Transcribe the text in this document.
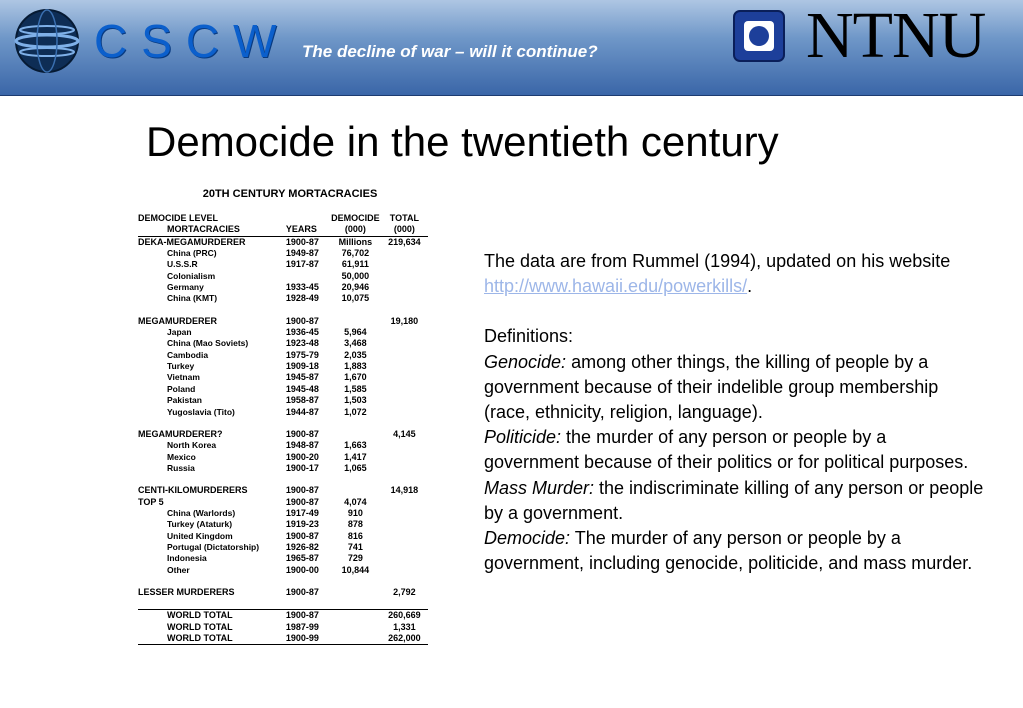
CSCW The decline of war – will it continue?	NTNU
Democide in the twentieth century
20TH CENTURY MORTACRACIES
DEMOCIDE LEVEL		DEMOCIDE	TOTAL
MORTACRACIES	YEARS	(000)	(000)
DEKA-MEGAMURDERER	1900-87	Millions	219,634
China (PRC)	1949-87	76,702	
U.S.S.R	1917-87	61,911	
Colonialism		50,000	
Germany	1933-45	20,946	
China (KMT)	1928-49	10,075	

MEGAMURDERER	1900-87		19,180
Japan	1936-45	5,964	
China (Mao Soviets)	1923-48	3,468	
Cambodia	1975-79	2,035	
Turkey	1909-18	1,883	
Vietnam	1945-87	1,670	
Poland	1945-48	1,585	
Pakistan	1958-87	1,503	
Yugoslavia (Tito)	1944-87	1,072	

MEGAMURDERER?	1900-87		4,145
North Korea	1948-87	1,663	
Mexico	1900-20	1,417	
Russia	1900-17	1,065	

CENTI-KILOMURDERERS	1900-87		14,918
TOP 5	1900-87	4,074	
China (Warlords)	1917-49	910	
Turkey (Ataturk)	1919-23	878	
United Kingdom	1900-87	816	
Portugal (Dictatorship)	1926-82	741	
Indonesia	1965-87	729	
Other	1900-00	10,844	

LESSER MURDERERS	1900-87		2,792

WORLD TOTAL	1900-87		260,669
WORLD TOTAL	1987-99		1,331
WORLD TOTAL	1900-99		262,000

The data are from Rummel (1994), updated on his website http://www.hawaii.edu/powerkills/.

Definitions:

Genocide: among other things, the killing of people by a government because of their indelible group membership (race, ethnicity, religion, language).

Politicide: the murder of any person or people by a government because of their politics or for political purposes.

Mass Murder: the indiscriminate killing of any person or people by a government.

Democide: The murder of any person or people by a government, including genocide, politicide, and mass murder.
